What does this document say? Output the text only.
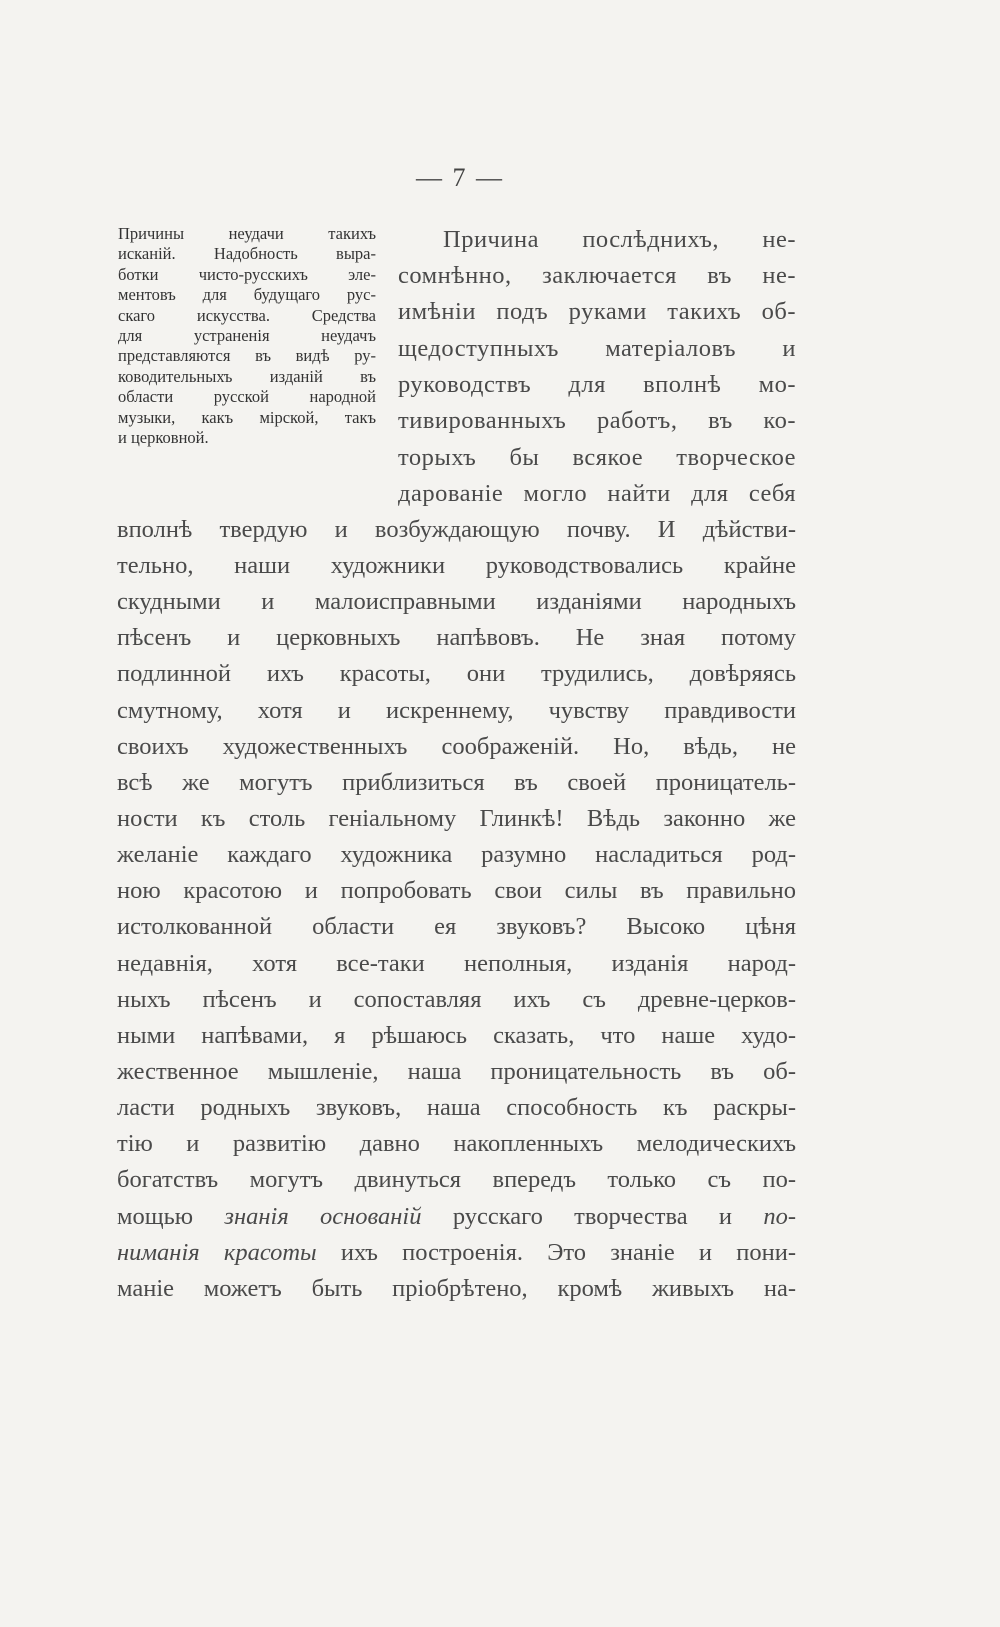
— 7 —
Причины неудачи такихъ
исканій. Надобность выра-
ботки чисто-русскихъ эле-
ментовъ для будущаго рус-
скаго искусства. Средства
для устраненія неудачъ
представляются въ видѣ ру-
ководительныхъ изданій въ
области русской народной
музыки, какъ мірской, такъ
и церковной.
Причина послѣднихъ, не-
сомнѣнно, заключается въ не-
имѣніи подъ руками такихъ об-
щедоступныхъ матеріаловъ и
руководствъ для вполнѣ мо-
тивированныхъ работъ, въ ко-
торыхъ бы всякое творческое
дарованіе могло найти для себя
вполнѣ твердую и возбуждающую почву. И дѣйстви-
тельно, наши художники руководствовались крайне
скудными и малоисправными изданіями народныхъ
пѣсенъ и церковныхъ напѣвовъ. Не зная потому
подлинной ихъ красоты, они трудились, довѣряясь
смутному, хотя и искреннему, чувству правдивости
своихъ художественныхъ соображеній. Но, вѣдь, не
всѣ же могутъ приблизиться въ своей проницатель-
ности къ столь геніальному Глинкѣ! Вѣдь законно же
желаніе каждаго художника разумно насладиться род-
ною красотою и попробовать свои силы въ правильно
истолкованной области ея звуковъ? Высоко цѣня
недавнія, хотя все-таки неполныя, изданія народ-
ныхъ пѣсенъ и сопоставляя ихъ съ древне-церков-
ными напѣвами, я рѣшаюсь сказать, что наше худо-
жественное мышленіе, наша проницательность въ об-
ласти родныхъ звуковъ, наша способность къ раскры-
тію и развитію давно накопленныхъ мелодическихъ
богатствъ могутъ двинуться впередъ только съ по-
мощью знанія основаній русскаго творчества и по-
ниманія красоты ихъ построенія. Это знаніе и пони-
маніе можетъ быть пріобрѣтено, кромѣ живыхъ на-
